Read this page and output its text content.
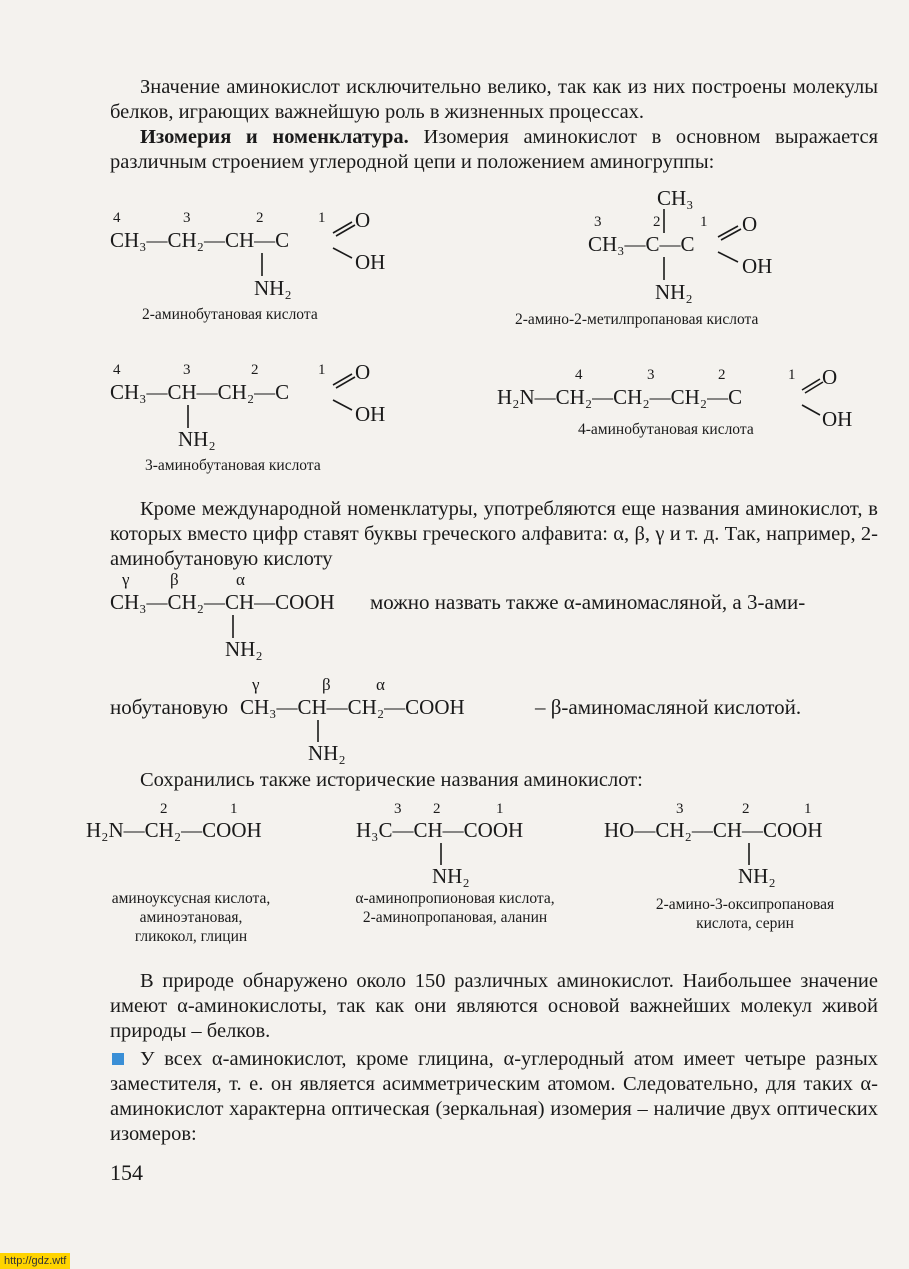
Значение аминокислот исключительно велико, так как из них построены молекулы белков, играющих важнейшую роль в жизненных процессах.

Изомерия и номенклатура. Изомерия аминокислот в основном выражается различным строением углеродной цепи и положением аминогруппы:

4	3	2	1
CH₃—CH₂—CH—C
O
OH
NH₂
2-аминобутановая кислота
CH₃
3	2	1
CH₃—C—C
O
OH
NH₂
2-амино-2-метилпропановая кислота
4	3	2	1
CH₃—CH—CH₂—C
O
OH
NH₂
3-аминобутановая кислота
4	3	2	1
H₂N—CH₂—CH₂—CH₂—C
O
OH
4-аминобутановая кислота

Кроме международной номенклатуры, употребляются еще названия аминокислот, в которых вместо цифр ставят буквы греческого алфавита: α, β, γ и т. д. Так, например, 2-аминобутановую кислоту

γ β	α
CH₃—CH₂—CH—COOH можно назвать также α-аминомасляной, а 3-ами-
NH₂
нобутановую
γ	β	α
CH₃—CH—CH₂—COOH	– β-аминомасляной кислотой.
NH₂

Сохранились также исторические названия аминокислот:

2	1
H₂N—CH₂—COOH
аминоуксусная кислота,
аминоэтановая,
гликокол, глицин
3 2	1
H₃C—CH—COOH
NH₂
α-аминопропионовая кислота,
2-аминопропановая, аланин
3	2	1
HO—CH₂—CH—COOH
NH₂
2-амино-3-оксипропановая
кислота, серин

В природе обнаружено около 150 различных аминокислот. Наибольшее значение имеют α-аминокислоты, так как они являются основой важнейших молекул живой природы – белков.

У всех α-аминокислот, кроме глицина, α-углеродный атом имеет четыре разных заместителя, т. е. он является асимметрическим атомом. Следовательно, для таких α-аминокислот характерна оптическая (зеркальная) изомерия – наличие двух оптических изомеров:

154
http://gdz.wtf
